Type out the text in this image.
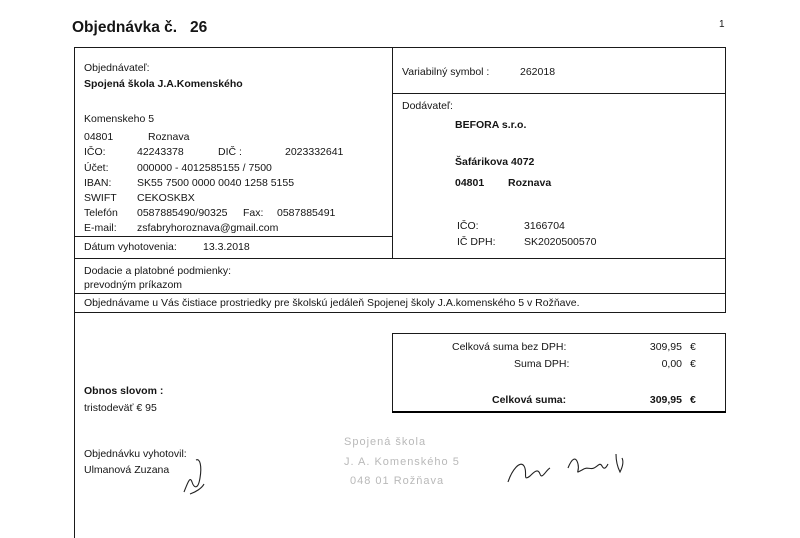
Objednávka č. 26	1
Objednávateľ:
Spojená škola J.A.Komenského
Komenskeho 5
04801	Roznava
IČO:	42243378	DIČ :	2023332641
Účet:	000000 - 4012585155 / 7500
IBAN: SK55 7500 0000 0040 1258 5155
SWIFT CEKOSKBX
Telefón 0587885490/90325 Fax: 0587885491
E-mail: zsfabryhoroznava@gmail.com
Dátum vyhotovenia: 13.3.2018
Variabilný symbol :	262018
Dodávateľ:
BEFORA s.r.o.
Šafárikova 4072
04801 Roznava
IČO:	3166704
IČ DPH:	SK2020500570
Dodacie a platobné podmienky:
prevodným príkazom
Objednávame u Vás čistiace prostriedky pre školskú jedáleň Spojenej školy J.A.komenského 5 v Rožňave.
Celková suma bez DPH:	309,95 €
Suma DPH:	0,00 €
Celková suma:	309,95 €
Obnos slovom :
tristodeväť € 95
Objednávku vyhotovil:
Ulmanová Zuzana
Spojená škola
J. A. Komenského 5
048 01 Rožňava
